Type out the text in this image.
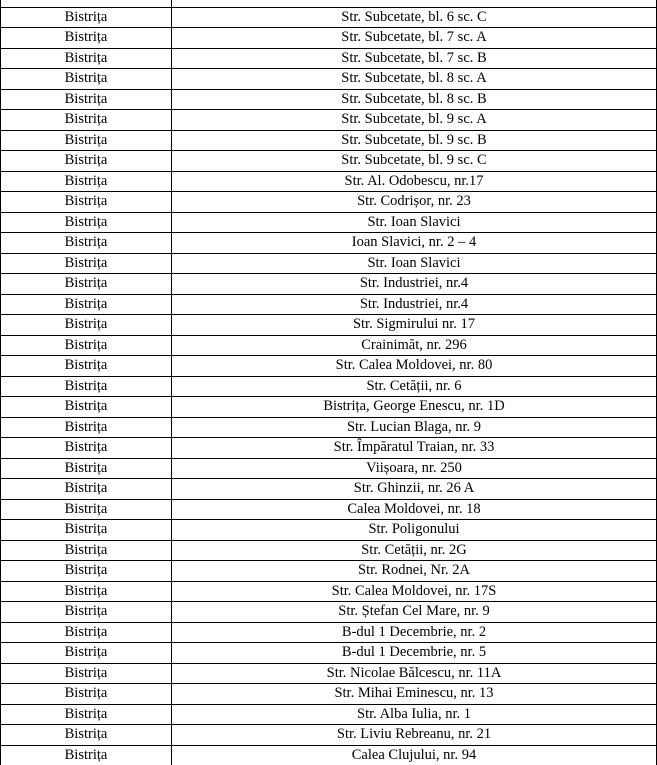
Bistrița	Str. Subcetate, bl. 6 sc. C
Bistrița	Str. Subcetate, bl. 7 sc. A
Bistrița	Str. Subcetate, bl. 7 sc. B
Bistrița	Str. Subcetate, bl. 8 sc. A
Bistrița	Str. Subcetate, bl. 8 sc. B
Bistrița	Str. Subcetate, bl. 9 sc. A
Bistrița	Str. Subcetate, bl. 9 sc. B
Bistrița	Str. Subcetate, bl. 9 sc. C
Bistrița	Str. Al. Odobescu, nr.17
Bistrița	Str. Codrișor, nr. 23
Bistrița	Str. Ioan Slavici
Bistrița	Ioan Slavici, nr. 2 – 4
Bistrița	Str. Ioan Slavici
Bistrița	Str. Industriei, nr.4
Bistrița	Str. Industriei, nr.4
Bistrița	Str. Sigmirului nr. 17
Bistrița	Crainimăt, nr. 296
Bistrița	Str. Calea Moldovei, nr. 80
Bistrița	Str. Cetății, nr. 6
Bistrița	Bistrița, George Enescu, nr. 1D
Bistrița	Str. Lucian Blaga, nr. 9
Bistrița	Str. Împăratul Traian, nr. 33
Bistrița	Viișoara, nr. 250
Bistrița	Str. Ghinzii, nr. 26 A
Bistrița	Calea Moldovei, nr. 18
Bistrița	Str. Poligonului
Bistrița	Str. Cetății, nr. 2G
Bistrița	Str. Rodnei, Nr. 2A
Bistrița	Str. Calea Moldovei, nr. 17S
Bistrița	Str. Ștefan Cel Mare, nr. 9
Bistrița	B-dul 1 Decembrie, nr. 2
Bistrița	B-dul 1 Decembrie, nr. 5
Bistrița	Str. Nicolae Bălcescu, nr. 11A
Bistrița	Str. Mihai Eminescu, nr. 13
Bistrița	Str. Alba Iulia, nr. 1
Bistrița	Str. Liviu Rebreanu, nr. 21
Bistrița	Calea Clujului, nr. 94
